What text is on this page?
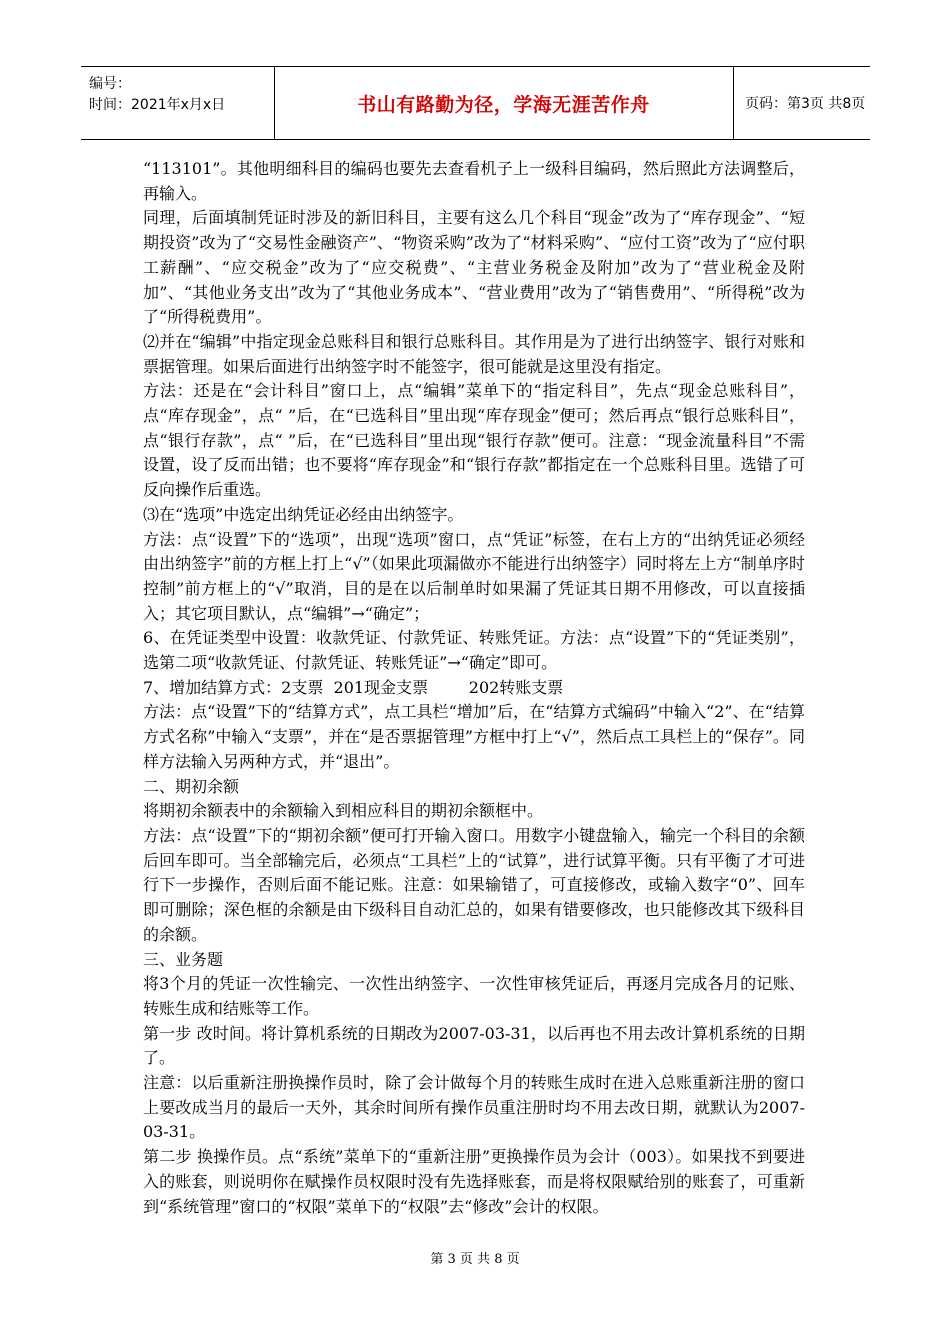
编号：
时间：2021年x月x日	书山有路勤为径，学海无涯苦作舟	页码：第3页 共8页

“113101”。其他明细科目的编码也要先去查看机子上一级科目编码，然后照此方法调整后，再输入。

同理，后面填制凭证时涉及的新旧科目，主要有这么几个科目“现金”改为了“库存现金”、“短期投资”改为了“交易性金融资产”、“物资采购”改为了“材料采购”、“应付工资”改为了“应付职工薪酬”、“应交税金”改为了“应交税费”、“主营业务税金及附加”改为了“营业税金及附加”、“其他业务支出”改为了“其他业务成本”、“营业费用”改为了“销售费用”、“所得税”改为了“所得税费用”。

⑵并在“编辑”中指定现金总账科目和银行总账科目。其作用是为了进行出纳签字、银行对账和票据管理。如果后面进行出纳签字时不能签字，很可能就是这里没有指定。

方法：还是在“会计科目”窗口上，点“编辑”菜单下的“指定科目”，先点“现金总账科目”，点“库存现金”，点“ ”后，在“已选科目”里出现“库存现金”便可；然后再点“银行总账科目”，点“银行存款”，点“ ”后，在“已选科目”里出现“银行存款”便可。注意：“现金流量科目”不需设置，设了反而出错；也不要将“库存现金”和“银行存款”都指定在一个总账科目里。选错了可反向操作后重选。

⑶在“选项”中选定出纳凭证必经由出纳签字。

方法：点“设置”下的“选项”，出现“选项”窗口，点“凭证”标签，在右上方的“出纳凭证必须经由出纳签字”前的方框上打上“√”（如果此项漏做亦不能进行出纳签字）同时将左上方“制单序时控制”前方框上的“√”取消，目的是在以后制单时如果漏了凭证其日期不用修改，可以直接插入；其它项目默认，点“编辑”→“确定”；

6、在凭证类型中设置：收款凭证、付款凭证、转账凭证。方法：点“设置”下的“凭证类别”，选第二项“收款凭证、付款凭证、转账凭证”→“确定”即可。

7、增加结算方式：2支票  201现金支票        202转账支票

方法：点“设置”下的“结算方式”，点工具栏“增加”后，在“结算方式编码”中输入“2”、在“结算方式名称”中输入“支票”，并在“是否票据管理”方框中打上“√”，然后点工具栏上的“保存”。同样方法输入另两种方式，并“退出”。

二、期初余额

将期初余额表中的余额输入到相应科目的期初余额框中。

方法：点“设置”下的“期初余额”便可打开输入窗口。用数字小键盘输入，输完一个科目的余额后回车即可。当全部输完后，必须点“工具栏”上的“试算”，进行试算平衡。只有平衡了才可进行下一步操作，否则后面不能记账。注意：如果输错了，可直接修改，或输入数字“0”、回车即可删除；深色框的余额是由下级科目自动汇总的，如果有错要修改，也只能修改其下级科目的余额。

三、业务题

将3个月的凭证一次性输完、一次性出纳签字、一次性审核凭证后，再逐月完成各月的记账、转账生成和结账等工作。

第一步 改时间。将计算机系统的日期改为2007-03-31，以后再也不用去改计算机系统的日期了。

注意：以后重新注册换操作员时，除了会计做每个月的转账生成时在进入总账重新注册的窗口上要改成当月的最后一天外，其余时间所有操作员重注册时均不用去改日期，就默认为2007-03-31。

第二步 换操作员。点“系统”菜单下的“重新注册”更换操作员为会计（003）。如果找不到要进入的账套，则说明你在赋操作员权限时没有先选择账套，而是将权限赋给别的账套了，可重新到“系统管理”窗口的“权限”菜单下的“权限”去“修改”会计的权限。

第 3 页 共 8 页
